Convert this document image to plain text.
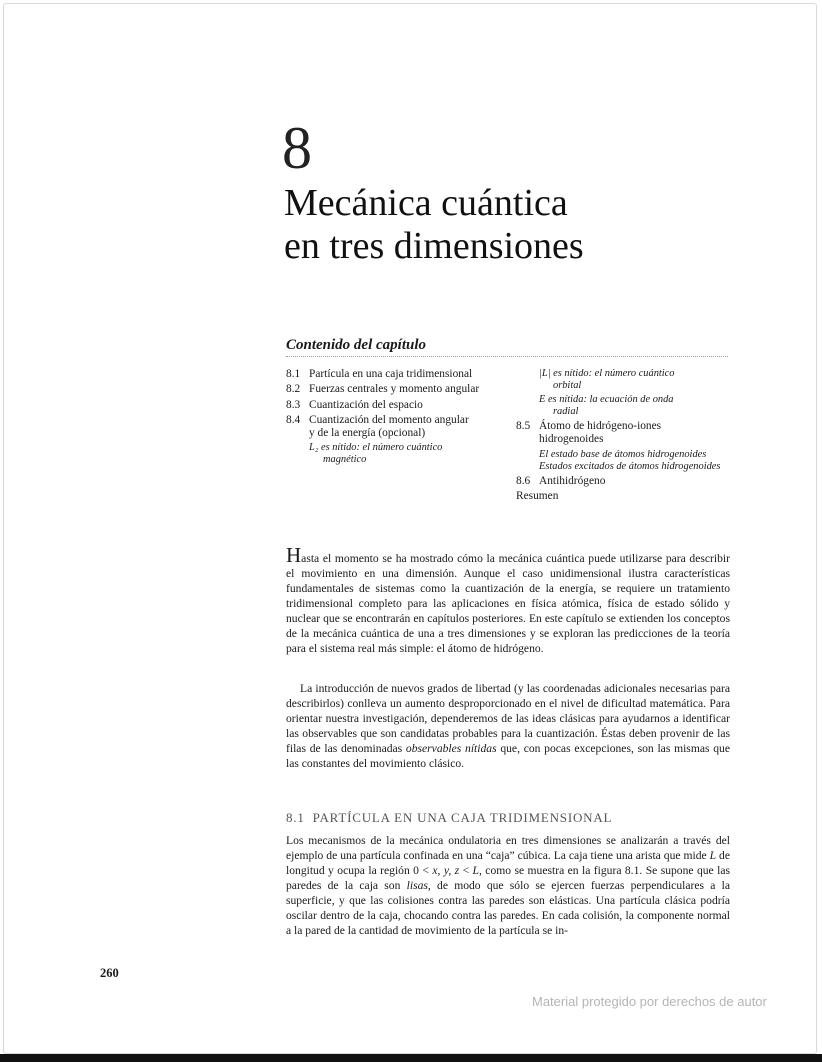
8
Mecánica cuántica
en tres dimensiones
Contenido del capítulo
8.1 Partícula en una caja tridimensional
8.2 Fuerzas centrales y momento angular
8.3 Cuantización del espacio
8.4 Cuantización del momento angular y de la energía (opcional)
L₂ es nítido: el número cuántico
magnético
|L| es nítido: el número cuántico
orbital
E es nítida: la ecuación de onda
radial
8.5 Átomo de hidrógeno-iones hidrogenoides
El estado base de átomos hidrogenoides
Estados excitados de átomos hidrogenoides
8.6 Antihidrógeno
Resumen

Hasta el momento se ha mostrado cómo la mecánica cuántica puede utilizarse para describir el movimiento en una dimensión. Aunque el caso unidimensional ilustra características fundamentales de sistemas como la cuantización de la energía, se requiere un tratamiento tridimensional completo para las aplicaciones en física atómica, física de estado sólido y nuclear que se encontrarán en capítulos posteriores. En este capítulo se extienden los conceptos de la mecánica cuántica de una a tres dimensiones y se exploran las predicciones de la teoría para el sistema real más simple: el átomo de hidrógeno.

La introducción de nuevos grados de libertad (y las coordenadas adicionales necesarias para describirlos) conlleva un aumento desproporcionado en el nivel de dificultad matemática. Para orientar nuestra investigación, dependeremos de las ideas clásicas para ayudarnos a identificar las observables que son candidatas probables para la cuantización. Éstas deben provenir de las filas de las denominadas observables nítidas que, con pocas excepciones, son las mismas que las constantes del movimiento clásico.

8.1 PARTÍCULA EN UNA CAJA TRIDIMENSIONAL

Los mecanismos de la mecánica ondulatoria en tres dimensiones se analizarán a través del ejemplo de una partícula confinada en una “caja” cúbica. La caja tiene una arista que mide L de longitud y ocupa la región 0 < x, y, z < L, como se muestra en la figura 8.1. Se supone que las paredes de la caja son lisas, de modo que sólo se ejercen fuerzas perpendiculares a la superficie, y que las colisiones contra las paredes son elásticas. Una partícula clásica podría oscilar dentro de la caja, chocando contra las paredes. En cada colisión, la componente normal a la pared de la cantidad de movimiento de la partícula se in-

260
Material protegido por derechos de autor
